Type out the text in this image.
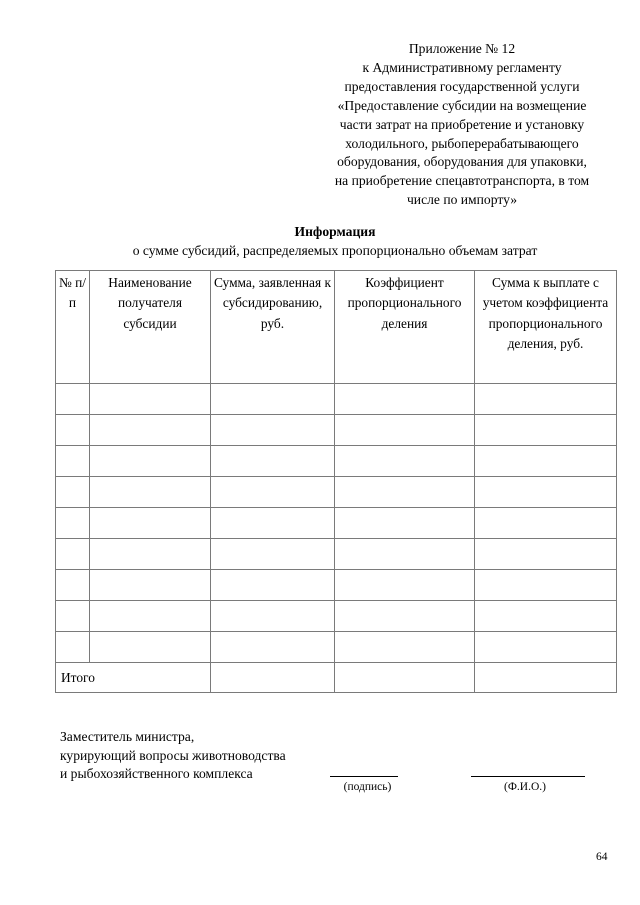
Приложение № 12
к Административному регламенту
предоставления государственной услуги
«Предоставление субсидии на возмещение
части затрат на приобретение и установку
холодильного, рыбоперерабатывающего
оборудования, оборудования для упаковки,
на приобретение спецавтотранспорта, в том
числе по импорту»
Информация
о сумме субсидий, распределяемых пропорционально объемам затрат
№ п/п	Наименование получателя субсидии	Сумма, заявленная к субсидированию, руб.	Коэффициент пропорционального деления	Сумма к выплате с учетом коэффициента пропорционального деления, руб.

Итого				
Заместитель министра,
курирующий вопросы животноводства
и рыбохозяйственного комплекса
(подпись)	(Ф.И.О.)
64
